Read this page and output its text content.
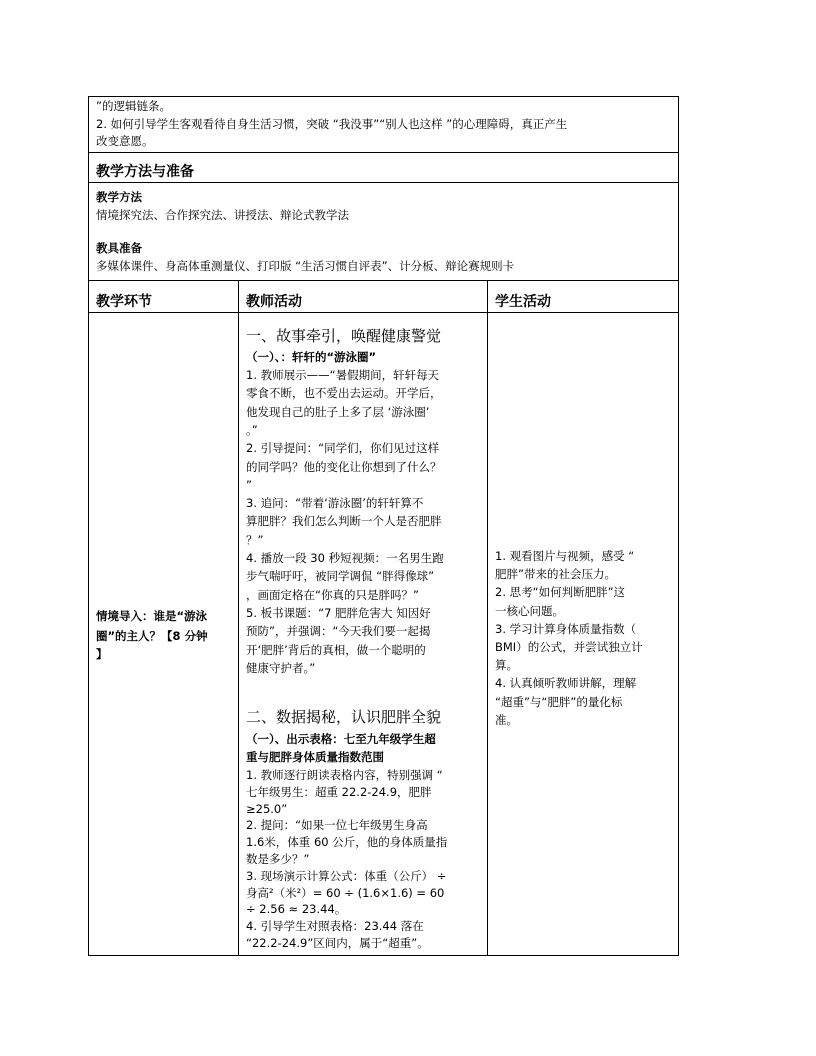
”的逻辑链条。
2. 如何引导学生客观看待自身生活习惯，突破 “我没事”“别人也这样 ”的心理障碍，真正产生
改变意愿。
教学方法与准备
教学方法
情境探究法、合作探究法、讲授法、辩论式教学法
教具准备
多媒体课件、身高体重测量仪、打印版 “生活习惯自评表”、计分板、辩论赛规则卡
教学环节	教师活动	学生活动
情境导入：谁是“游泳
圈”的主人？【8 分钟
】
一、故事牵引，唤醒健康警觉
（一）、：轩轩的“游泳圈”
1. 教师展示——“暑假期间，轩轩每天
零食不断，也不爱出去运动。开学后，
他发现自己的肚子上多了层 ‘游泳圈’
。”
2. 引导提问：“同学们，你们见过这样
的同学吗？他的变化让你想到了什么？
”
3. 追问：“带着‘游泳圈’的轩轩算不
算肥胖？我们怎么判断一个人是否肥胖
？”
4. 播放一段 30 秒短视频：一名男生跑
步气喘吁吁，被同学调侃 “胖得像球”
，画面定格在“你真的只是胖吗？”
5. 板书课题：“7 肥胖危害大 知因好
预防”，并强调：“今天我们要一起揭
开‘肥胖’背后的真相，做一个聪明的
健康守护者。”
二、数据揭秘，认识肥胖全貌
（一）、出示表格：七至九年级学生超
重与肥胖身体质量指数范围
1. 教师逐行朗读表格内容，特别强调 “
七年级男生：超重 22.2-24.9，肥胖
≥25.0”
2. 提问：“如果一位七年级男生身高
1.6米，体重 60 公斤，他的身体质量指
数是多少？”
3. 现场演示计算公式：体重（公斤） ÷
身高²（米²）= 60 ÷ (1.6×1.6) = 60
÷ 2.56 ≈ 23.44。
4. 引导学生对照表格：23.44 落在
“22.2-24.9”区间内，属于“超重”。
1. 观看图片与视频，感受 “
肥胖”带来的社会压力。
2. 思考“如何判断肥胖”这
一核心问题。
3. 学习计算身体质量指数（
BMI）的公式，并尝试独立计
算。
4. 认真倾听教师讲解，理解
“超重”与“肥胖”的量化标
准。
